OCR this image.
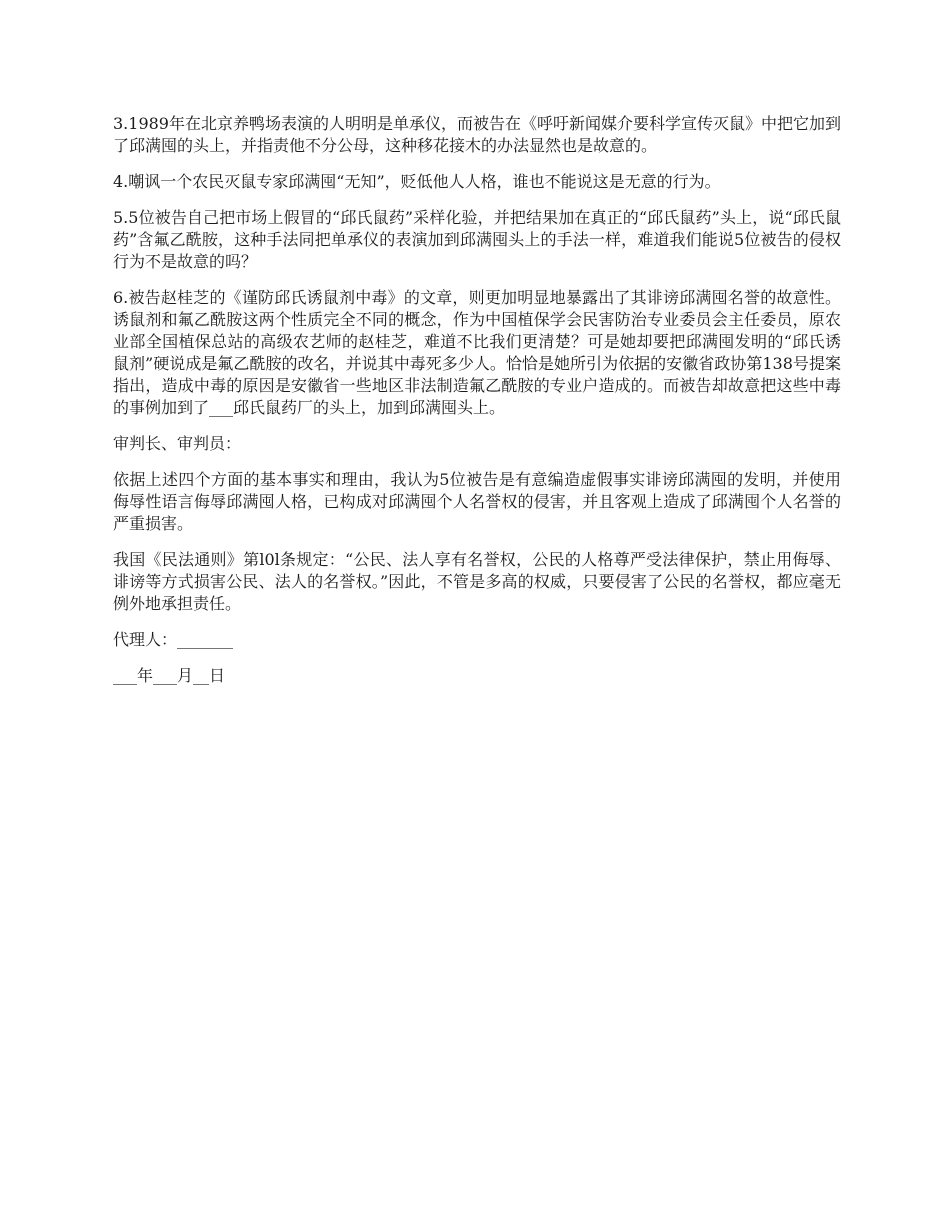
3.1989年在北京养鸭场表演的人明明是单承仪，而被告在《呼吁新闻媒介要科学宣传灭鼠》中把它加到了邱满囤的头上，并指责他不分公母，这种移花接木的办法显然也是故意的。

4.嘲讽一个农民灭鼠专家邱满囤“无知”，贬低他人人格，谁也不能说这是无意的行为。

5.5位被告自己把市场上假冒的“邱氏鼠药”采样化验，并把结果加在真正的“邱氏鼠药”头上，说“邱氏鼠药”含氟乙酰胺，这种手法同把单承仪的表演加到邱满囤头上的手法一样，难道我们能说5位被告的侵权行为不是故意的吗？

6.被告赵桂芝的《谨防邱氏诱鼠剂中毒》的文章，则更加明显地暴露出了其诽谤邱满囤名誉的故意性。诱鼠剂和氟乙酰胺这两个性质完全不同的概念，作为中国植保学会民害防治专业委员会主任委员，原农业部全国植保总站的高级农艺师的赵桂芝，难道不比我们更清楚？可是她却要把邱满囤发明的“邱氏诱鼠剂”硬说成是氟乙酰胺的改名，并说其中毒死多少人。恰恰是她所引为依据的安徽省政协第138号提案指出，造成中毒的原因是安徽省一些地区非法制造氟乙酰胺的专业户造成的。而被告却故意把这些中毒的事例加到了___邱氏鼠药厂的头上，加到邱满囤头上。

审判长、审判员：

依据上述四个方面的基本事实和理由，我认为5位被告是有意编造虚假事实诽谤邱满囤的发明，并使用侮辱性语言侮辱邱满囤人格，已构成对邱满囤个人名誉权的侵害，并且客观上造成了邱满囤个人名誉的严重损害。

我国《民法通则》第l0l条规定：“公民、法人享有名誉权，公民的人格尊严受法律保护，禁止用侮辱、诽谤等方式损害公民、法人的名誉权。”因此，不管是多高的权威，只要侵害了公民的名誉权，都应毫无例外地承担责任。

代理人：_______

___年___月__日
